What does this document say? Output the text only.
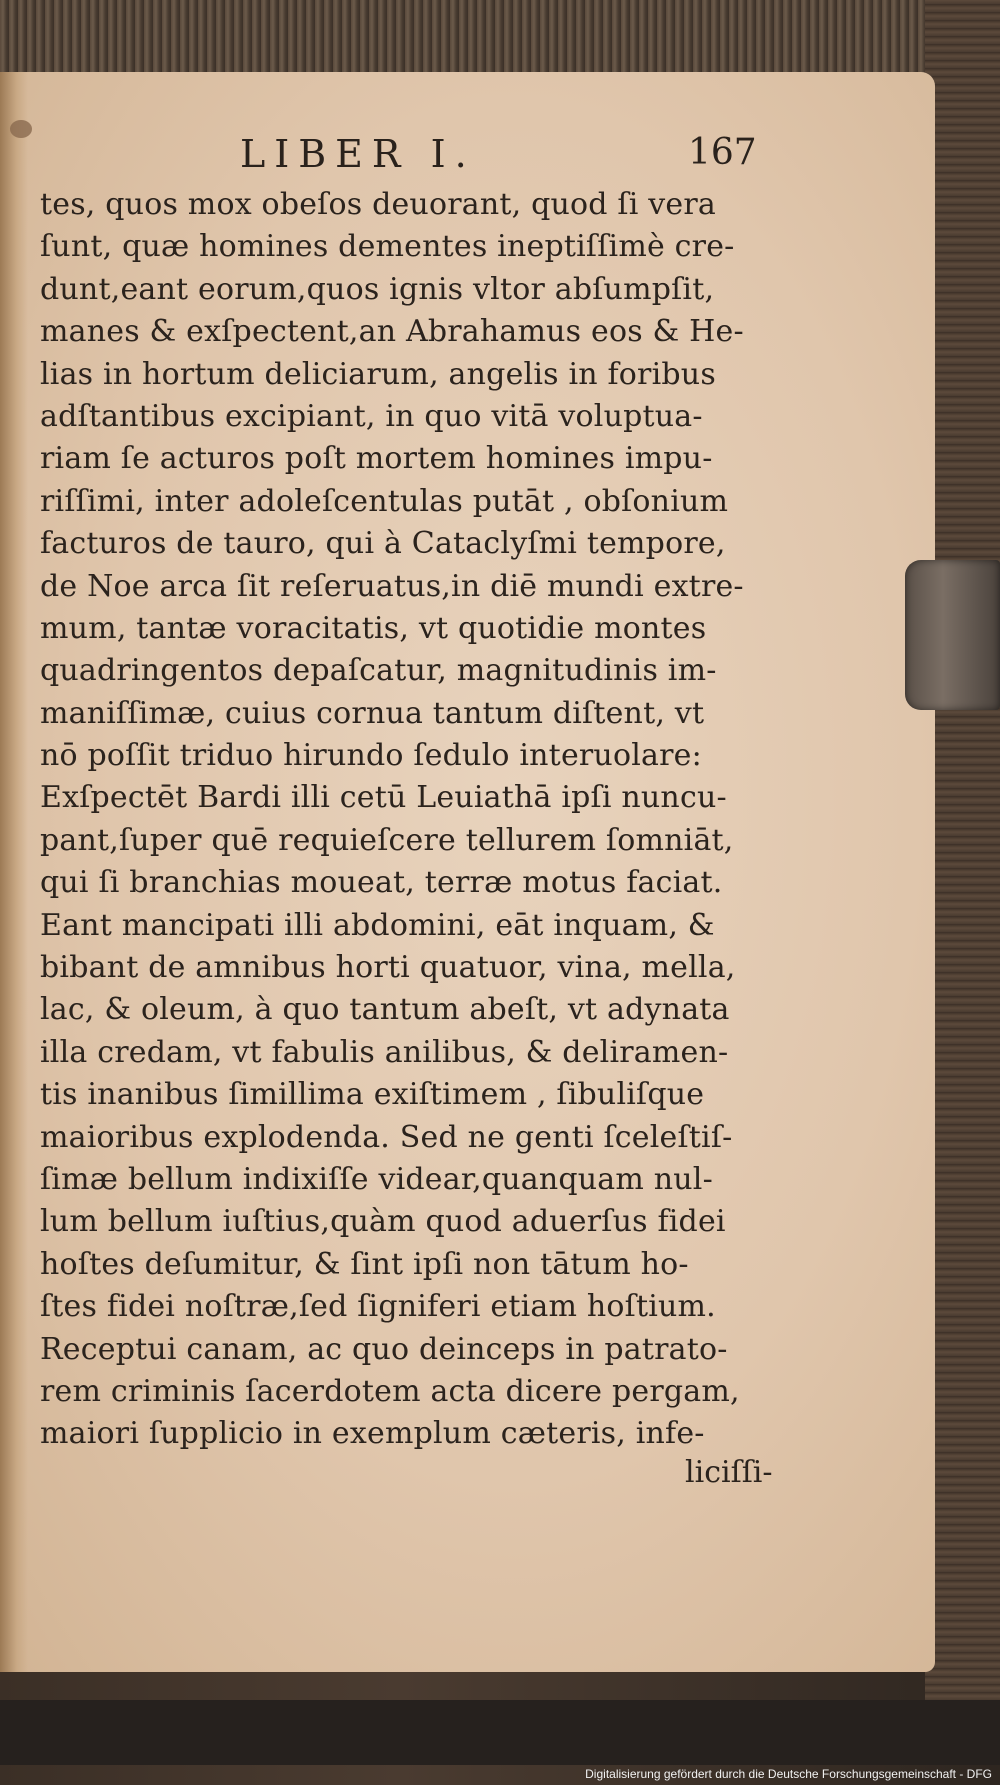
LIBER I.	167
tes, quos mox obeſos deuorant, quod ſi vera
ſunt, quæ homines dementes ineptiſſimè cre-
dunt,eant eorum,quos ignis vltor abſumpſit,
manes & exſpectent,an Abrahamus eos & He-
lias in hortum deliciarum, angelis in foribus
adſtantibus excipiant, in quo vitā voluptua-
riam ſe acturos poſt mortem homines impu-
riſſimi, inter adoleſcentulas putāt , obſonium
facturos de tauro, qui à Cataclyſmi tempore,
de Noe arca ſit reſeruatus,in diē mundi extre-
mum, tantæ voracitatis, vt quotidie montes
quadringentos depaſcatur, magnitudinis im-
maniſſimæ, cuius cornua tantum diſtent, vt
nō poſſit triduo hirundo ſedulo interuolare:
Exſpectēt Bardi illi cetū Leuiathā ipſi nuncu-
pant,ſuper quē requieſcere tellurem ſomniāt,
qui ſi branchias moueat, terræ motus faciat.
Eant mancipati illi abdomini, eāt inquam, &
bibant de amnibus horti quatuor, vina, mella,
lac, & oleum, à quo tantum abeſt, vt adynata
illa credam, vt fabulis anilibus, & deliramen-
tis inanibus ſimillima exiſtimem , ſibuliſque
maioribus explodenda. Sed ne genti ſceleſtiſ-
ſimæ bellum indixiſſe videar,quanquam nul-
lum bellum iuſtius,quàm quod aduerſus fidei
hoſtes deſumitur, & ſint ipſi non tātum ho-
ſtes fidei noſtræ,ſed ſigniferi etiam hoſtium.
Receptui canam, ac quo deinceps in patrato-
rem criminis ſacerdotem acta dicere pergam,
maiori ſupplicio in exemplum cæteris, infe-
liciſſi-
Digitalisierung gefördert durch die Deutsche Forschungsgemeinschaft - DFG
